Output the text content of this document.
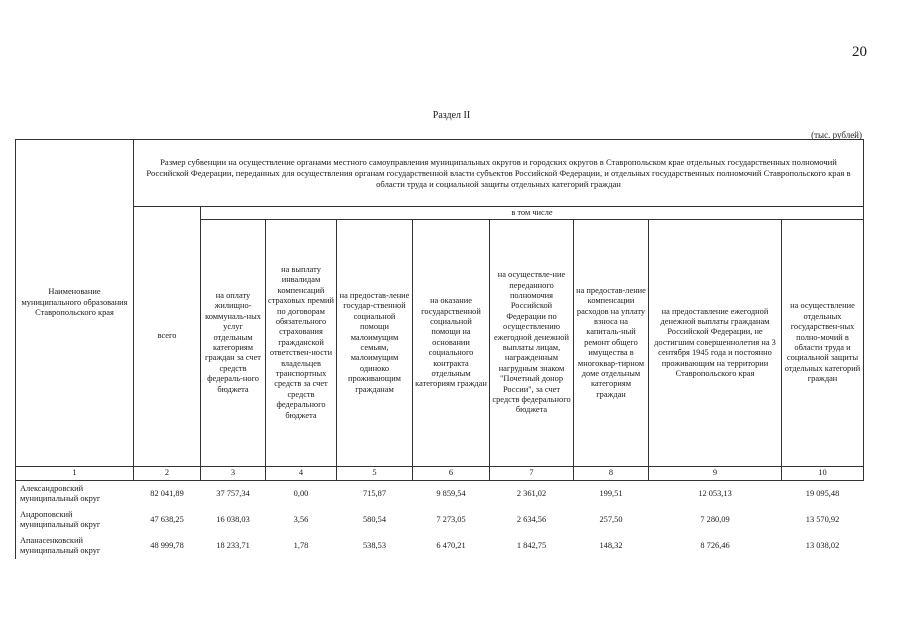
20
Раздел II
(тыс. рублей)
Наименование муниципального образования Ставропольского края	Размер субвенции на осуществление органами местного самоуправления муниципальных округов и городских округов в Ставропольском крае отдельных государственных полномочий Российской Федерации, переданных для осуществления органам государственной власти субъектов Российской Федерации, и отдельных государственных полномочий Ставропольского края в области труда и социальной защиты отдельных категорий граждан								
	всего	в том числе							
		на оплату жилищно-коммуналь-ных услуг отдельным категориям граждан за счет средств федераль-ного бюджета	на выплату инвалидам компенсаций страховых премий по договорам обязательного страхования гражданской ответствен-ности владельцев транспортных средств за счет средств федерального бюджета	на предостав-ление государ-ственной социальной помощи малоимущим семьям, малоимущим одиноко проживающим гражданам	на оказание государственной социальной помощи на основании социального контракта отдельным категориям граждан	на осуществле-ние переданного полномочия Российской Федерации по осуществлению ежегодной денежной выплаты лицам, награжденным нагрудным знаком "Почетный донор России", за счет средств федерального бюджета	на предостав-ление компенсации расходов на уплату взноса на капиталь-ный ремонт общего имущества в многоквар-тирном доме отдельным категориям граждан	на предоставление ежегодной денежной выплаты гражданам Российской Федерации, не достигшим совершеннолетия на 3 сентября 1945 года и постоянно проживающим на территории Ставропольского края	на осуществление отдельных государствен-ных полно-мочий в области труда и социальной защиты отдельных категорий граждан
1	2	3	4	5	6	7	8	9	10
Александровский муниципальный округ	82 041,89	37 757,34	0,00	715,87	9 859,54	2 361,02	199,51	12 053,13	19 095,48
Андроповский муниципальный округ	47 638,25	16 038,03	3,56	580,54	7 273,05	2 634,56	257,50	7 280,09	13 570,92
Апанасенковский муниципальный округ	48 999,78	18 233,71	1,78	538,53	6 470,21	1 842,75	148,32	8 726,46	13 038,02
